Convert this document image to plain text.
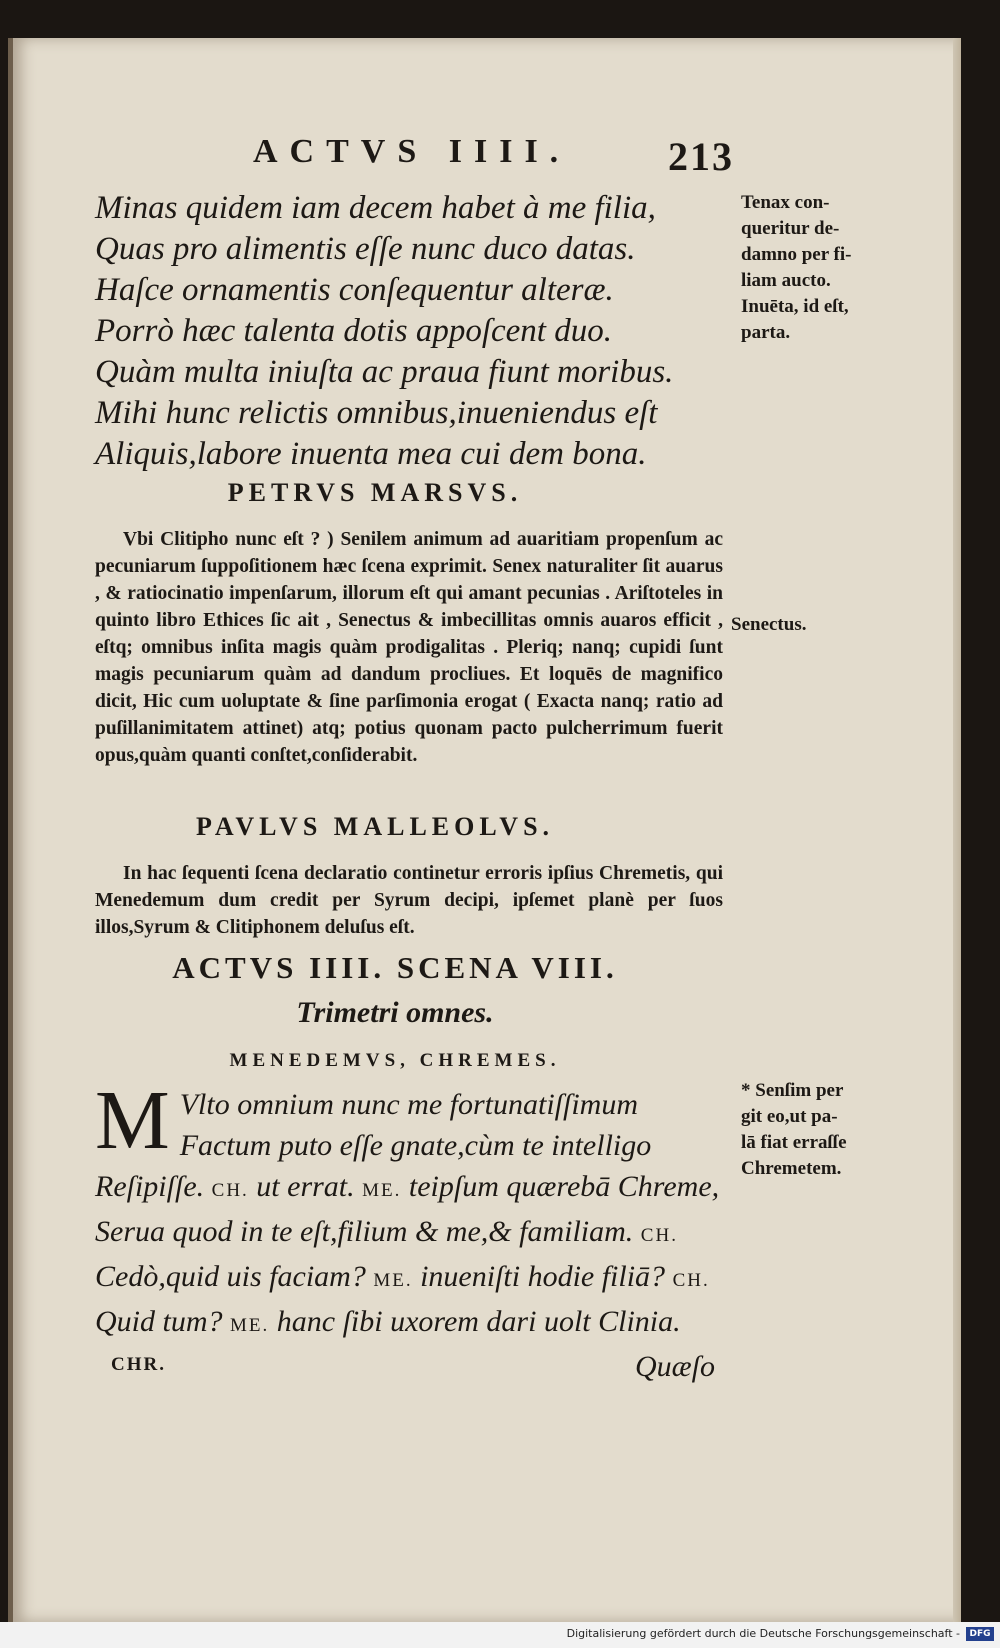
ACTVS IIII. 213
Minas quidem iam decem habet à me filia,
Quas pro alimentis eſſe nunc duco datas.
Haſce ornamentis conſequentur alteræ.
Porrò hæc talenta dotis appoſcent duo.
Quàm multa iniuſta ac praua fiunt moribus.
Mihi hunc relictis omnibus,inueniendus eſt
Aliquis,labore inuenta mea cui dem bona.
Tenax con-
queritur de-
damno per fi-
liam aucto.
Inuēta, id eſt,
parta.
PETRVS MARSVS.

Vbi Clitipho nunc eſt ? ) Senilem animum ad auaritiam propenſum ac pecuniarum ſuppoſitionem hæc ſcena exprimit. Senex naturaliter ſit auarus , & ratiocinatio impenſarum, illorum eſt qui amant pecunias . Ariſtoteles in quinto libro Ethices ſic ait , Senectus & imbecillitas omnis auaros efficit , eſtq; omnibus inſita magis quàm prodigalitas . Pleriq; nanq; cupidi ſunt magis pecuniarum quàm ad dandum procliues. Et loquēs de magnifico dicit, Hic cum uoluptate & ſine parſimonia erogat ( Exacta nanq; ratio ad puſillanimitatem attinet) atq; potius quonam pacto pulcherrimum fuerit opus,quàm quanti conſtet,conſiderabit.

Senectus.
PAVLVS MALLEOLVS.

In hac ſequenti ſcena declaratio continetur erroris ipſius Chremetis, qui Menedemum dum credit per Syrum decipi, ipſemet planè per ſuos illos,Syrum & Clitiphonem deluſus eſt.

ACTVS IIII. SCENA VIII.
Trimetri omnes.
MENEDEMVS, CHREMES.
M Vlto omnium nunc me fortunatiſſimum
Factum puto eſſe gnate,cùm te intelligo
Reſipiſſe. CH. ut errat. ME. teipſum quærebā Chreme,
Serua quod in te eſt,filium & me,& familiam. CH.
Cedò,quid uis faciam? ME. inueniſti hodie filiā? CH.
Quid tum? ME. hanc ſibi uxorem dari uolt Clinia.
CHR.	Quæſo
* Senſim per
git eo,ut pa-
lā fiat erraſſe
Chremetem.
Digitalisierung gefördert durch die Deutsche Forschungsgemeinschaft -	DFG
